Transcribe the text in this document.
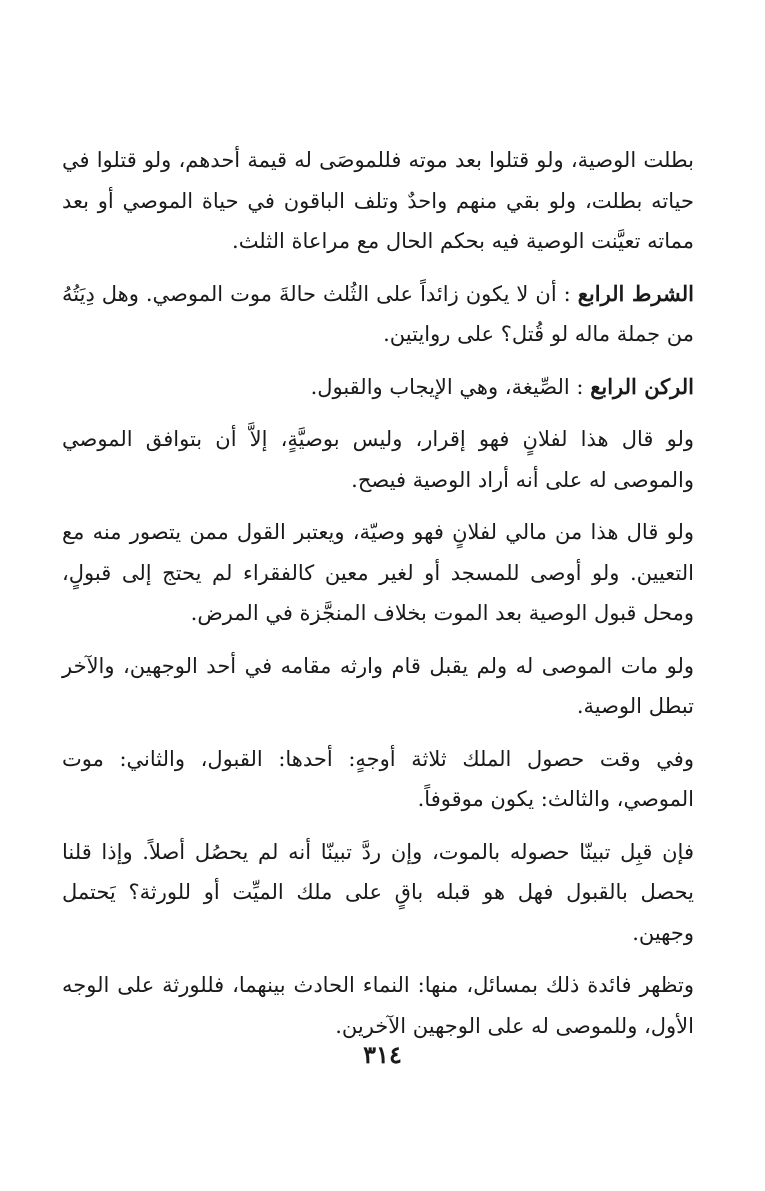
بطلت الوصية، ولو قتلوا بعد موته فللموصَى له قيمة أحدهم، ولو قتلوا في حياته بطلت، ولو بقي منهم واحدٌ وتلف الباقون في حياة الموصي أو بعد مماته تعيَّنت الوصية فيه بحكم الحال مع مراعاة الثلث.

الشرط الرابع : أن لا يكون زائداً على الثُلث حالةَ موت الموصي. وهل دِيَتُهُ من جملة ماله لو قُتل؟ على روايتين.

الركن الرابع : الصِّيغة، وهي الإيجاب والقبول.

ولو قال هذا لفلانٍ فهو إقرار، وليس بوصيَّةٍ، إلاَّ أن بتوافق الموصي والموصى له على أنه أراد الوصية فيصح.

ولو قال هذا من مالي لفلانٍ فهو وصيّة، ويعتبر القول ممن يتصور منه مع التعيين. ولو أوصى للمسجد أو لغير معين كالفقراء لم يحتج إلى قبولٍ، ومحل قبول الوصية بعد الموت بخلاف المنجَّزة في المرض.

ولو مات الموصى له ولم يقبل قام وارثه مقامه في أحد الوجهين، والآخر تبطل الوصية.

وفي وقت حصول الملك ثلاثة أوجهٍ: أحدها: القبول، والثاني: موت الموصي، والثالث: يكون موقوفاً.

فإن قبِل تبينّا حصوله بالموت، وإن ردَّ تبينّا أنه لم يحصُل أصلاً. وإذا قلنا يحصل بالقبول فهل هو قبله باقٍ على ملك الميِّت أو للورثة؟ يَحتمل وجهين.

وتظهر فائدة ذلك بمسائل، منها: النماء الحادث بينهما، فللورثة على الوجه الأول، وللموصى له على الوجهين الآخرين.

٣١٤
